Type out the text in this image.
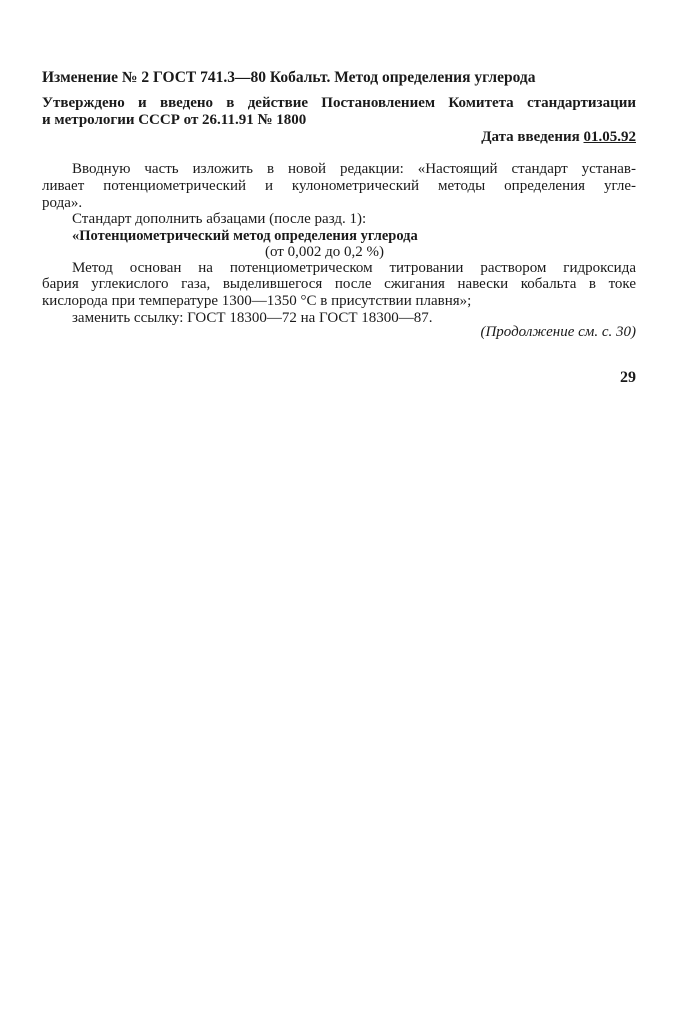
Изменение № 2 ГОСТ 741.3—80 Кобальт. Метод определения углерода
Утверждено и введено в действие Постановлением Комитета стандартизации
и метрологии СССР от 26.11.91 № 1800
Дата введения 01.05.92
Вводную часть изложить в новой редакции: «Настоящий стандарт устанав-
ливает потенциометрический и кулонометрический методы определения угле-
рода».
Стандарт дополнить абзацами (после разд. 1):
«Потенциометрический метод определения углерода
(от 0,002 до 0,2 %)
Метод основан на потенциометрическом титровании раствором гидроксида
бария углекислого газа, выделившегося после сжигания навески кобальта в токе
кислорода при температуре 1300—1350 °С в присутствии плавня»;
заменить ссылку: ГОСТ 18300—72 на ГОСТ 18300—87.
(Продолжение см. с. 30)
29
